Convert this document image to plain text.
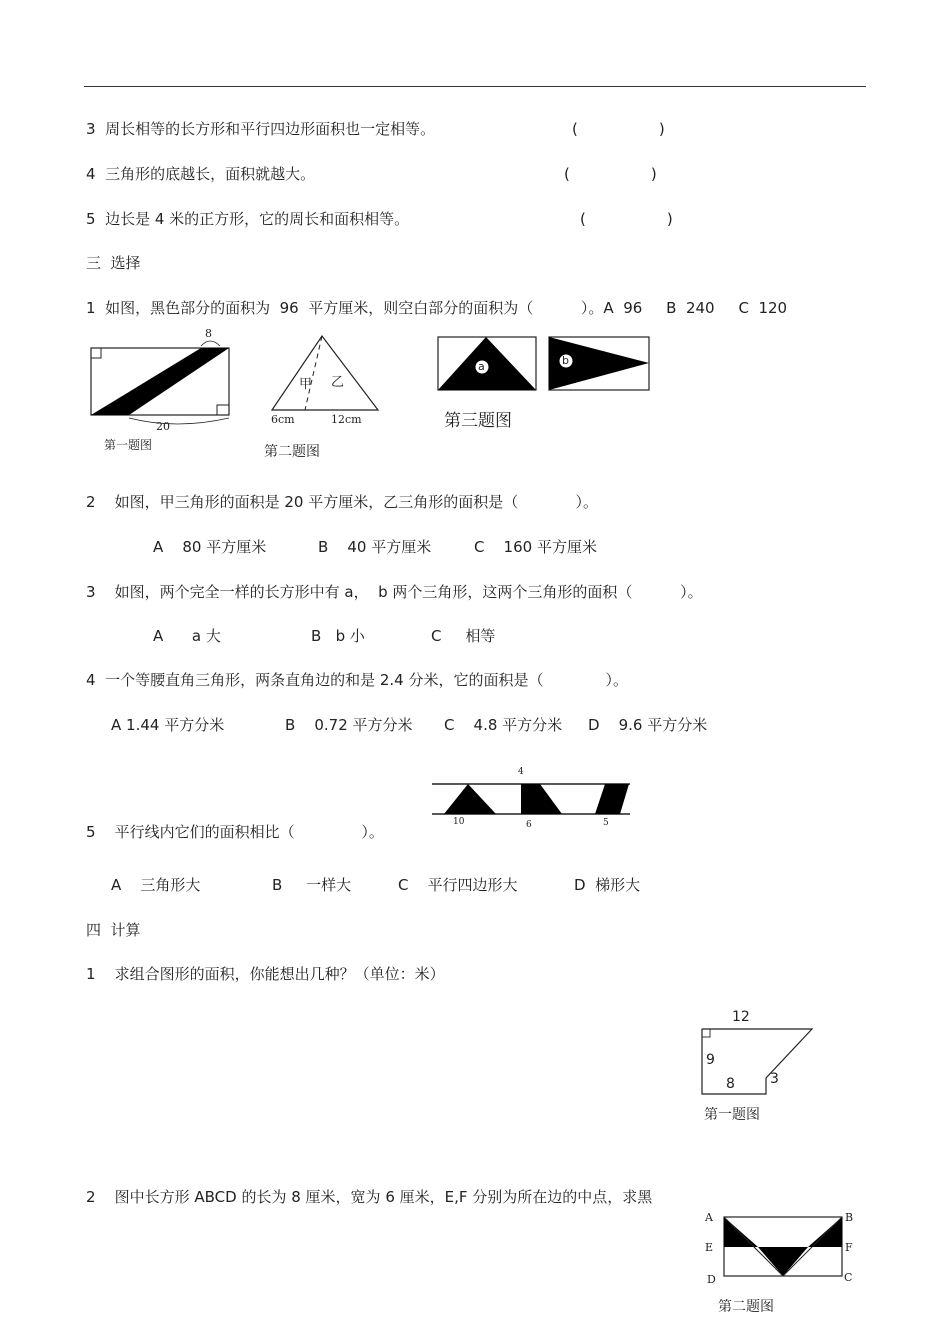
3  周长相等的长方形和平行四边形面积也一定相等。	(                 )
4  三角形的底越长，面积就越大。	(                 )
5  边长是 4 米的正方形，它的周长和面积相等。	(                 )
三  选择
1  如图，黑色部分的面积为  96  平方厘米，则空白部分的面积为（          ）。A  96     B  240     C  120
8
20
第一题图
甲 乙
6cm	12cm
第二题图
a	b
第三题图
2    如图，甲三角形的面积是 20 平方厘米，乙三角形的面积是（            ）。
A    80 平方厘米	B    40 平方厘米	C    160 平方厘米
3    如图，两个完全一样的长方形中有 a，  b 两个三角形，这两个三角形的面积（          ）。
A      a 大	B   b 小	C     相等
4  一个等腰直角三角形，两条直角边的和是 2.4 分米，它的面积是（             ）。
A 1.44 平方分米	B    0.72 平方分米 C    4.8 平方分米 D    9.6 平方分米
4
10	6	5
5    平行线内它们的面积相比（              ）。
A    三角形大	B     一样大	C    平行四边形大	D  梯形大
四  计算
1    求组合图形的面积，你能想出几种？（单位：米）
12
9
8	3
第一题图
2    图中长方形 ABCD 的长为 8 厘米，宽为 6 厘米，E,F 分别为所在边的中点，求黑
A	B
E	F
D	C
第二题图
